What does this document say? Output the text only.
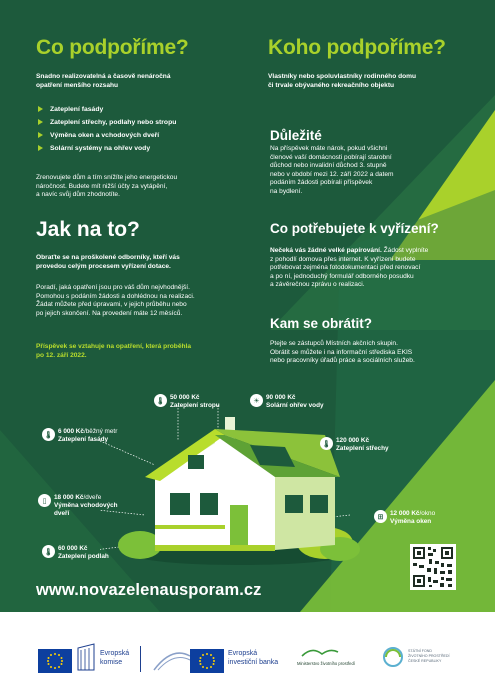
Co podpoříme?
Snadno realizovatelná a časově nenáročná
opatření menšího rozsahu
Zateplení fasády
Zateplení střechy, podlahy nebo stropu
Výměna oken a vchodových dveří
Solární systémy na ohřev vody
Zrenovujete dům a tím snížíte jeho energetickou
náročnost. Budete mít nižší účty za vytápění,
a navíc svůj dům zhodnotíte.
Jak na to?
Obraťte se na proškolené odborníky, kteří vás
provedou celým procesem vyřízení dotace.
Poradí, jaká opatření jsou pro váš dům nejvhodnější.
Pomohou s podáním žádosti a dohlédnou na realizaci.
Žádat můžete před úpravami, v jejich průběhu nebo
po jejich skončení. Na provedení máte 12 měsíců.
Příspěvek se vztahuje na opatření, která proběhla
po 12. září 2022.
Koho podpoříme?
Vlastníky nebo spoluvlastníky rodinného domu
či trvale obývaného rekreačního objektu
Důležité
Na příspěvek máte nárok, pokud všichni
členové vaší domácnosti pobírají starobní
důchod nebo invalidní důchod 3. stupně
nebo v období mezi 12. září 2022 a datem
podáním žádosti pobírali příspěvek
na bydlení.
Co potřebujete k vyřízení?
Nečeká vás žádné velké papírování. Žádost vyplníte
z pohodlí domova přes internet. K vyřízení budete
potřebovat zejména fotodokumentaci před renovací
a po ní, jednoduchý formulář odborného posudku
a závěrečnou zprávu o realizaci.
Kam se obrátit?
Ptejte se zástupců Místních akčních skupin.
Obrátit se můžete i na informační střediska EKIS
nebo pracovníky úřadů práce a sociálních služeb.
🌡 50 000 Kč
Zateplení stropu
☀ 90 000 Kč
Solární ohřev vody
🌡 6 000 Kč/běžný metr
Zateplení fasády
🌡 120 000 Kč
Zateplení střechy
▯	18 000 Kč/dveře
Výměna vchodových
dveří	⊞	12 000 Kč/okno
Výměna oken
🌡 60 000 Kč
Zateplení podlah
www.novazelenausporam.cz
Evropská
komise
Evropská
investiční banka	Ministerstvo životního prostředí
STÁTNÍ FOND
ŽIVOTNÍHO PROSTŘEDÍ
ČESKÉ REPUBLIKY
